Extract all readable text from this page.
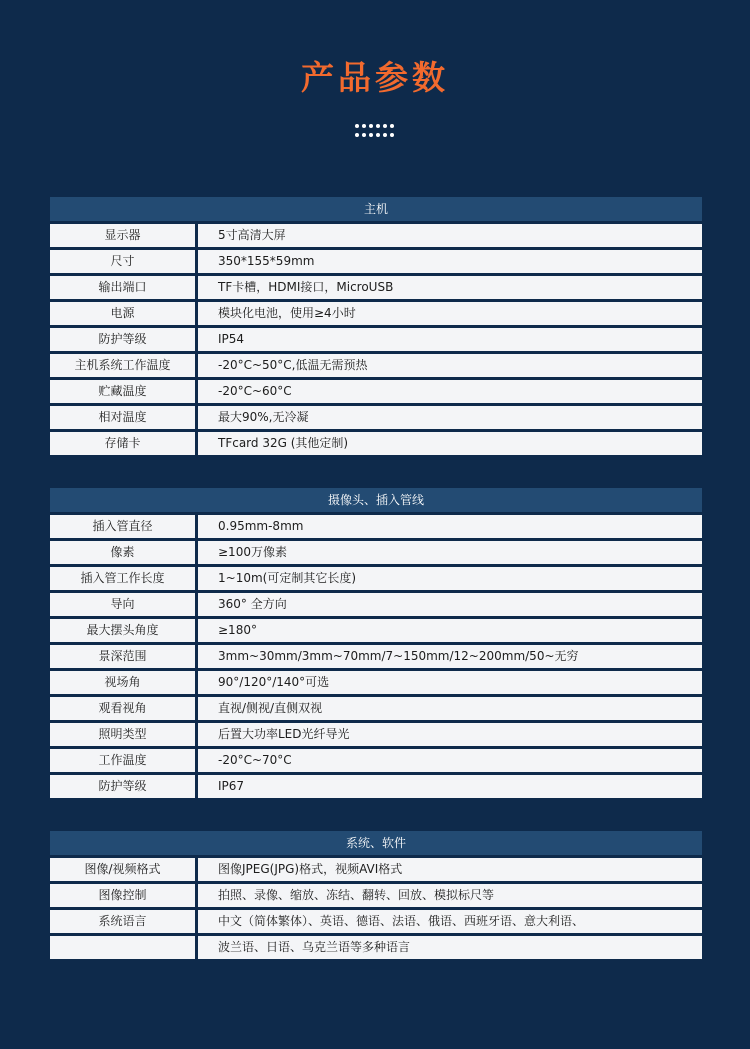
产品参数
主机
显示器	5寸高清大屏
尺寸	350*155*59mm
输出端口	TF卡槽，HDMI接口，MicroUSB
电源	模块化电池，使用≥4小时
防护等级	IP54
主机系统工作温度	-20°C~50°C,低温无需预热
贮藏温度	-20°C~60°C
相对温度	最大90%,无冷凝
存储卡	TFcard 32G (其他定制)
摄像头、插入管线
插入管直径	0.95mm-8mm
像素	≥100万像素
插入管工作长度	1~10m(可定制其它长度)
导向	360° 全方向
最大摆头角度	≥180°
景深范围	3mm~30mm/3mm~70mm/7~150mm/12~200mm/50~无穷
视场角	90°/120°/140°可选
观看视角	直视/侧视/直侧双视
照明类型	后置大功率LED光纤导光
工作温度	-20°C~70°C
防护等级	IP67
系统、软件
图像/视频格式	图像JPEG(JPG)格式，视频AVI格式
图像控制	拍照、录像、缩放、冻结、翻转、回放、模拟标尺等
系统语言	中文（简体繁体）、英语、德语、法语、俄语、西班牙语、意大利语、
波兰语、日语、乌克兰语等多种语言
